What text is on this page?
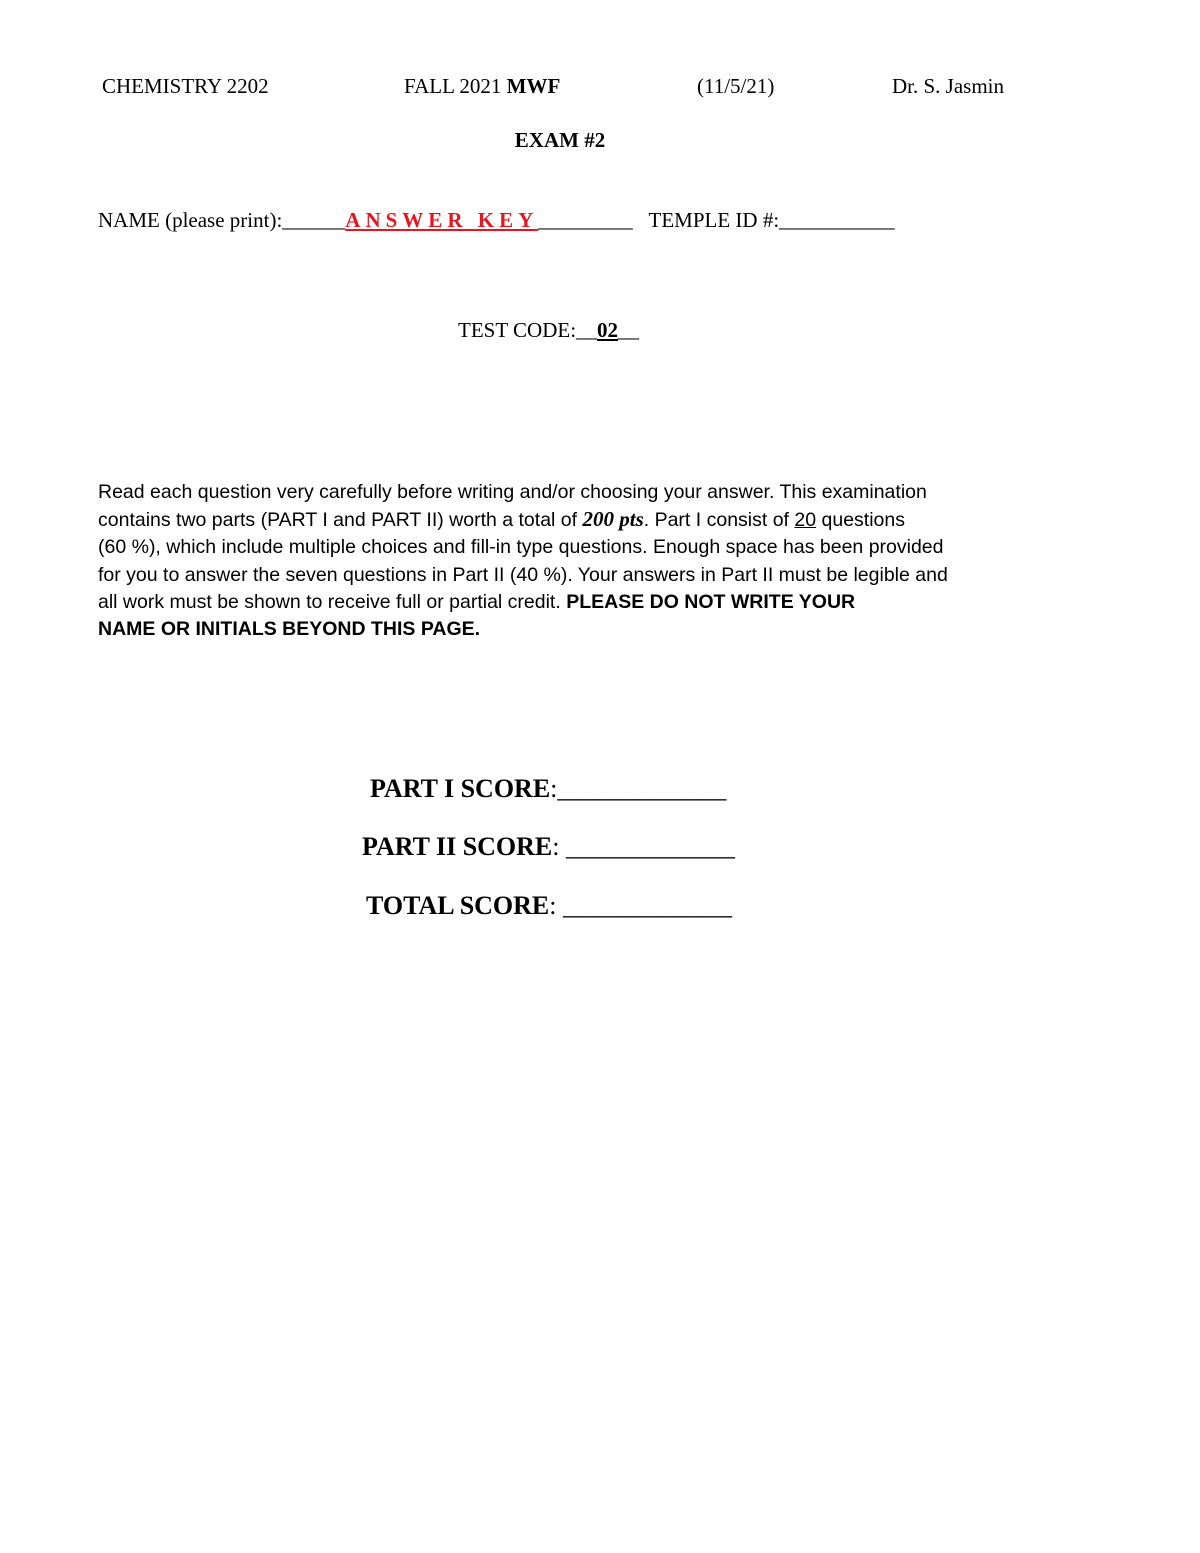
CHEMISTRY 2202	FALL 2021 MWF	(11/5/21)	Dr. S. Jasmin
EXAM #2
NAME (please print):______ANSWER KEY_________ TEMPLE ID #:___________
TEST CODE:__02__
Read each question very carefully before writing and/or choosing your answer. This examination
contains two parts (PART I and PART II) worth a total of 200 pts. Part I consist of 20 questions
(60 %), which include multiple choices and fill-in type questions. Enough space has been provided
for you to answer the seven questions in Part II (40 %). Your answers in Part II must be legible and
all work must be shown to receive full or partial credit. PLEASE DO NOT WRITE YOUR
NAME OR INITIALS BEYOND THIS PAGE.
PART I SCORE:_____________
PART II SCORE: _____________
TOTAL SCORE: _____________
